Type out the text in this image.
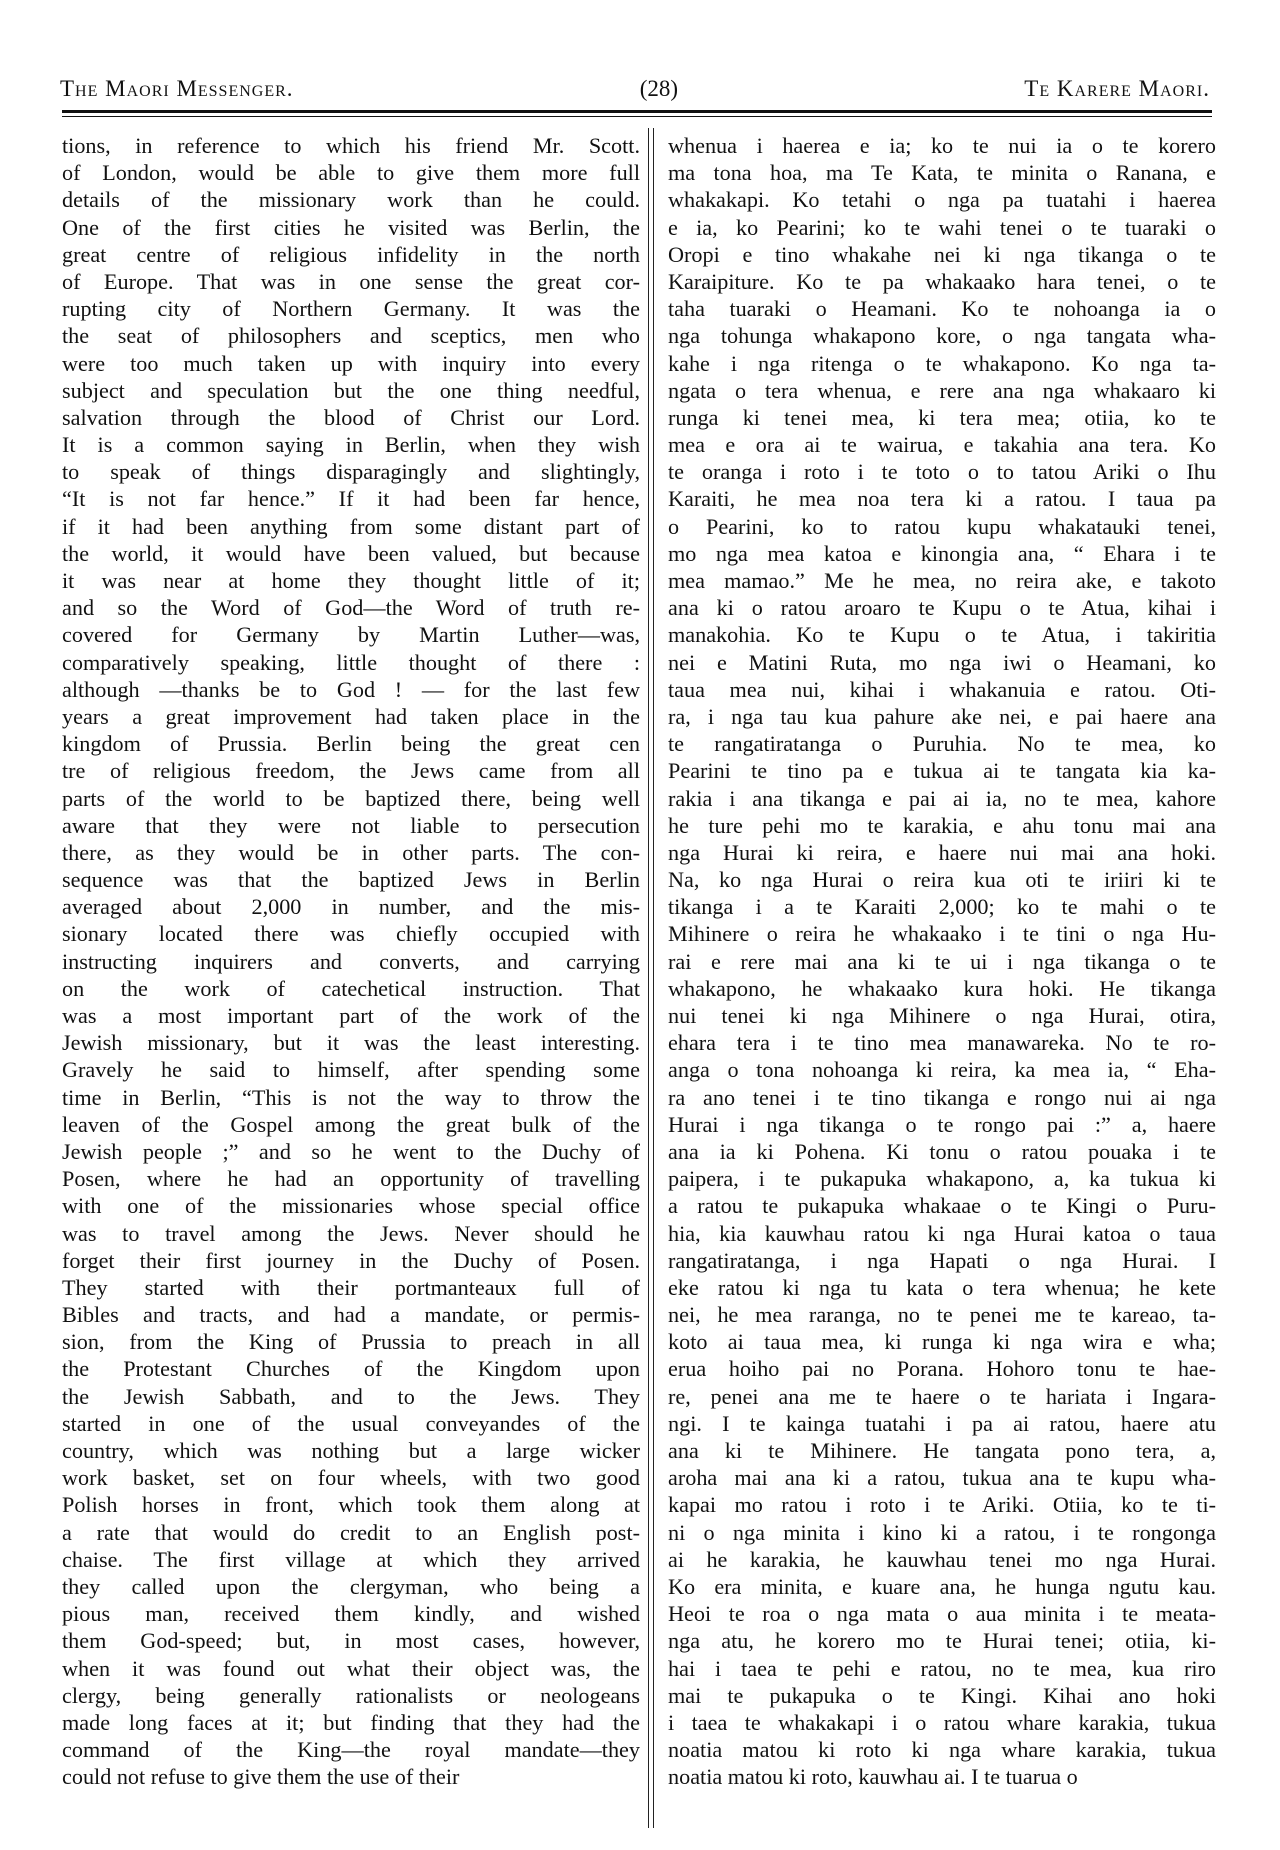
The Maori Messenger.	(28)	Te Karere Maori.
tions, in reference to which his friend Mr. Scott.
of London, would be able to give them more full
details of the missionary work than he could.
One of the first cities he visited was Berlin, the
great centre of religious infidelity in the north
of Europe. That was in one sense the great cor-
rupting city of Northern Germany. It was the
the seat of philosophers and sceptics, men who
were too much taken up with inquiry into every
subject and speculation but the one thing needful,
salvation through the blood of Christ our Lord.
It is a common saying in Berlin, when they wish
to speak of things disparagingly and slightingly,
“It is not far hence.” If it had been far hence,
if it had been anything from some distant part of
the world, it would have been valued, but because
it was near at home they thought little of it;
and so the Word of God—the Word of truth re-
covered for Germany by Martin Luther—was,
comparatively speaking, little thought of there :
although —thanks be to God ! — for the last few
years a great improvement had taken place in the
kingdom of Prussia. Berlin being the great cen
tre of religious freedom, the Jews came from all
parts of the world to be baptized there, being well
aware that they were not liable to persecution
there, as they would be in other parts. The con-
sequence was that the baptized Jews in Berlin
averaged about 2,000 in number, and the mis-
sionary located there was chiefly occupied with
instructing inquirers and converts, and carrying
on the work of catechetical instruction. That
was a most important part of the work of the
Jewish missionary, but it was the least interesting.
Gravely he said to himself, after spending some
time in Berlin, “This is not the way to throw the
leaven of the Gospel among the great bulk of the
Jewish people ;” and so he went to the Duchy of
Posen, where he had an opportunity of travelling
with one of the missionaries whose special office
was to travel among the Jews. Never should he
forget their first journey in the Duchy of Posen.
They started with their portmanteaux full of
Bibles and tracts, and had a mandate, or permis-
sion, from the King of Prussia to preach in all
the Protestant Churches of the Kingdom upon
the Jewish Sabbath, and to the Jews. They
started in one of the usual conveyandes of the
country, which was nothing but a large wicker
work basket, set on four wheels, with two good
Polish horses in front, which took them along at
a rate that would do credit to an English post-
chaise. The first village at which they arrived
they called upon the clergyman, who being a
pious man, received them kindly, and wished
them God-speed; but, in most cases, however,
when it was found out what their object was, the
clergy, being generally rationalists or neologeans
made long faces at it; but finding that they had the
command of the King—the royal mandate—they
could not refuse to give them the use of their
whenua i haerea e ia; ko te nui ia o te korero
ma tona hoa, ma Te Kata, te minita o Ranana, e
whakakapi. Ko tetahi o nga pa tuatahi i haerea
e ia, ko Pearini; ko te wahi tenei o te tuaraki o
Oropi e tino whakahe nei ki nga tikanga o te
Karaipiture. Ko te pa whakaako hara tenei, o te
taha tuaraki o Heamani. Ko te nohoanga ia o
nga tohunga whakapono kore, o nga tangata wha-
kahe i nga ritenga o te whakapono. Ko nga ta-
ngata o tera whenua, e rere ana nga whakaaro ki
runga ki tenei mea, ki tera mea; otiia, ko te
mea e ora ai te wairua, e takahia ana tera. Ko
te oranga i roto i te toto o to tatou Ariki o Ihu
Karaiti, he mea noa tera ki a ratou. I taua pa
o Pearini, ko to ratou kupu whakatauki tenei,
mo nga mea katoa e kinongia ana, “ Ehara i te
mea mamao.” Me he mea, no reira ake, e takoto
ana ki o ratou aroaro te Kupu o te Atua, kihai i
manakohia. Ko te Kupu o te Atua, i takiritia
nei e Matini Ruta, mo nga iwi o Heamani, ko
taua mea nui, kihai i whakanuia e ratou. Oti-
ra, i nga tau kua pahure ake nei, e pai haere ana
te rangatiratanga o Puruhia. No te mea, ko
Pearini te tino pa e tukua ai te tangata kia ka-
rakia i ana tikanga e pai ai ia, no te mea, kahore
he ture pehi mo te karakia, e ahu tonu mai ana
nga Hurai ki reira, e haere nui mai ana hoki.
Na, ko nga Hurai o reira kua oti te iriiri ki te
tikanga i a te Karaiti 2,000; ko te mahi o te
Mihinere o reira he whakaako i te tini o nga Hu-
rai e rere mai ana ki te ui i nga tikanga o te
whakapono, he whakaako kura hoki. He tikanga
nui tenei ki nga Mihinere o nga Hurai, otira,
ehara tera i te tino mea manawareka. No te ro-
anga o tona nohoanga ki reira, ka mea ia, “ Eha-
ra ano tenei i te tino tikanga e rongo nui ai nga
Hurai i nga tikanga o te rongo pai :” a, haere
ana ia ki Pohena. Ki tonu o ratou pouaka i te
paipera, i te pukapuka whakapono, a, ka tukua ki
a ratou te pukapuka whakaae o te Kingi o Puru-
hia, kia kauwhau ratou ki nga Hurai katoa o taua
rangatiratanga, i nga Hapati o nga Hurai. I
eke ratou ki nga tu kata o tera whenua; he kete
nei, he mea raranga, no te penei me te kareao, ta-
koto ai taua mea, ki runga ki nga wira e wha;
erua hoiho pai no Porana. Hohoro tonu te hae-
re, penei ana me te haere o te hariata i Ingara-
ngi. I te kainga tuatahi i pa ai ratou, haere atu
ana ki te Mihinere. He tangata pono tera, a,
aroha mai ana ki a ratou, tukua ana te kupu wha-
kapai mo ratou i roto i te Ariki. Otiia, ko te ti-
ni o nga minita i kino ki a ratou, i te rongonga
ai he karakia, he kauwhau tenei mo nga Hurai.
Ko era minita, e kuare ana, he hunga ngutu kau.
Heoi te roa o nga mata o aua minita i te meata-
nga atu, he korero mo te Hurai tenei; otiia, ki-
hai i taea te pehi e ratou, no te mea, kua riro
mai te pukapuka o te Kingi. Kihai ano hoki
i taea te whakakapi i o ratou whare karakia, tukua
noatia matou ki roto ki nga whare karakia, tukua
noatia matou ki roto, kauwhau ai. I te tuarua o
